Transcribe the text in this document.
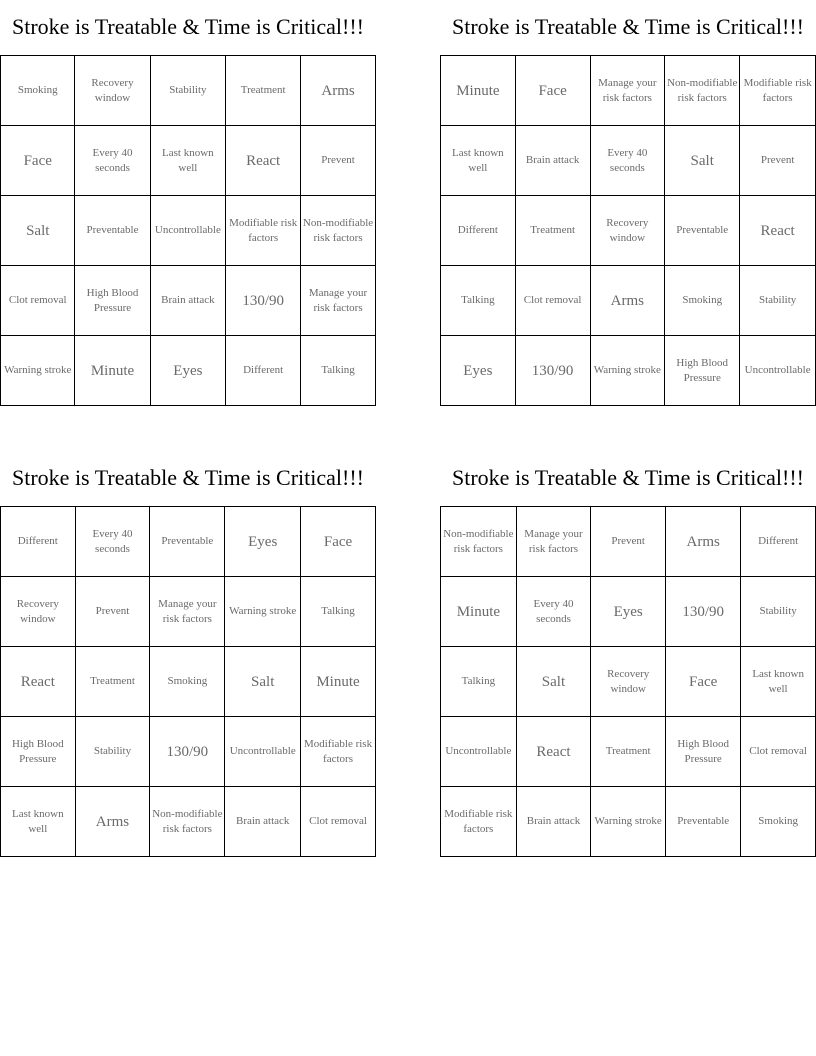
Stroke is Treatable & Time is Critical!!!
Smoking	Recovery window	Stability	Treatment	Arms
Face	Every 40 seconds	Last known well	React	Prevent
Salt	Preventable	Uncontrollable	Modifiable risk factors	Non-modifiable risk factors
Clot removal	High Blood Pressure	Brain attack	130/90	Manage your risk factors
Warning stroke	Minute	Eyes	Different	Talking
Stroke is Treatable & Time is Critical!!!
Minute	Face	Manage your risk factors	Non-modifiable risk factors	Modifiable risk factors
Last known well	Brain attack	Every 40 seconds	Salt	Prevent
Different	Treatment	Recovery window	Preventable	React
Talking	Clot removal	Arms	Smoking	Stability
Eyes	130/90	Warning stroke	High Blood Pressure	Uncontrollable
Stroke is Treatable & Time is Critical!!!
Different	Every 40 seconds	Preventable	Eyes	Face
Recovery window	Prevent	Manage your risk factors	Warning stroke	Talking
React	Treatment	Smoking	Salt	Minute
High Blood Pressure	Stability	130/90	Uncontrollable	Modifiable risk factors
Last known well	Arms	Non-modifiable risk factors	Brain attack	Clot removal
Stroke is Treatable & Time is Critical!!!
Non-modifiable risk factors	Manage your risk factors	Prevent	Arms	Different
Minute	Every 40 seconds	Eyes	130/90	Stability
Talking	Salt	Recovery window	Face	Last known well
Uncontrollable	React	Treatment	High Blood Pressure	Clot removal
Modifiable risk factors	Brain attack	Warning stroke	Preventable	Smoking
